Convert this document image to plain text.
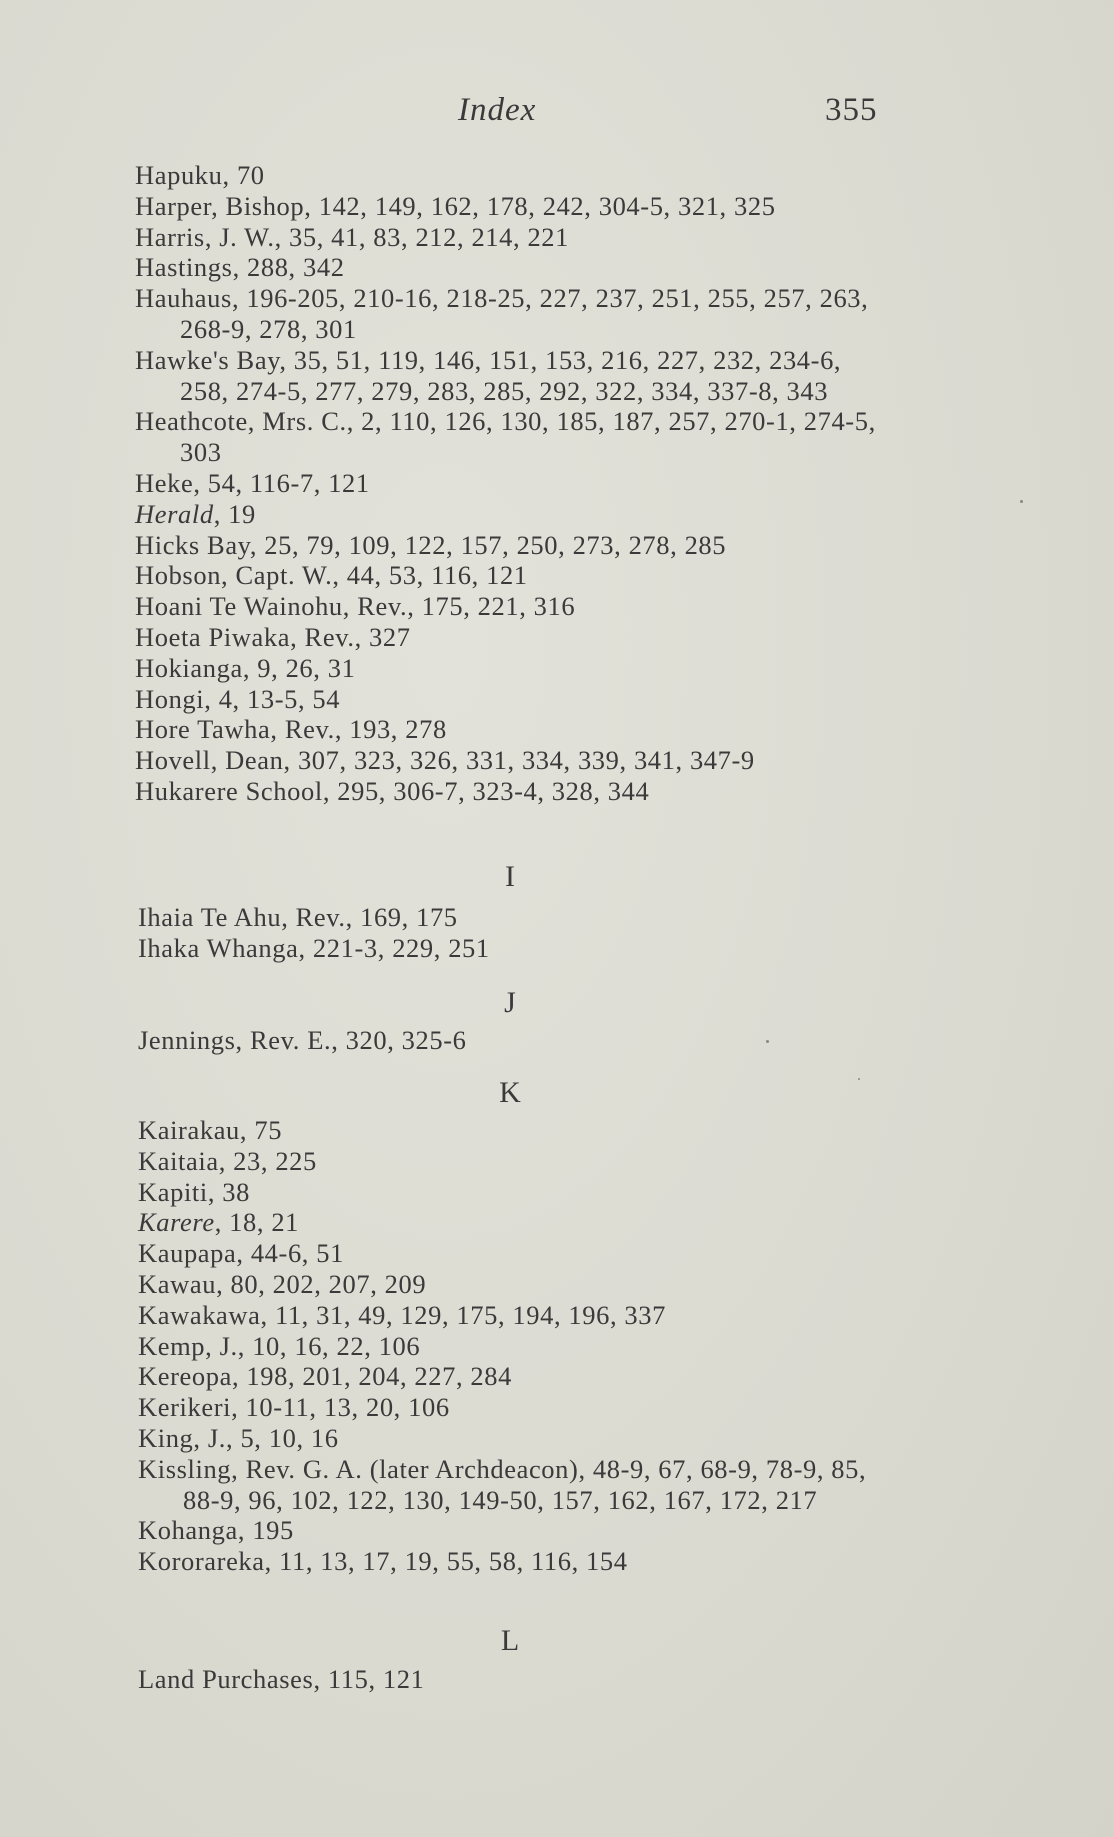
Index	355
Hapuku, 70
Harper, Bishop, 142, 149, 162, 178, 242, 304-5, 321, 325
Harris, J. W., 35, 41, 83, 212, 214, 221
Hastings, 288, 342
Hauhaus, 196-205, 210-16, 218-25, 227, 237, 251, 255, 257, 263, 268-9, 278, 301
Hawke's Bay, 35, 51, 119, 146, 151, 153, 216, 227, 232, 234-6, 258, 274-5, 277, 279, 283, 285, 292, 322, 334, 337-8, 343
Heathcote, Mrs. C., 2, 110, 126, 130, 185, 187, 257, 270-1, 274-5, 303
Heke, 54, 116-7, 121
Herald, 19
Hicks Bay, 25, 79, 109, 122, 157, 250, 273, 278, 285
Hobson, Capt. W., 44, 53, 116, 121
Hoani Te Wainohu, Rev., 175, 221, 316
Hoeta Piwaka, Rev., 327
Hokianga, 9, 26, 31
Hongi, 4, 13-5, 54
Hore Tawha, Rev., 193, 278
Hovell, Dean, 307, 323, 326, 331, 334, 339, 341, 347-9
Hukarere School, 295, 306-7, 323-4, 328, 344
I
Ihaia Te Ahu, Rev., 169, 175
Ihaka Whanga, 221-3, 229, 251
J
Jennings, Rev. E., 320, 325-6
K
Kairakau, 75
Kaitaia, 23, 225
Kapiti, 38
Karere, 18, 21
Kaupapa, 44-6, 51
Kawau, 80, 202, 207, 209
Kawakawa, 11, 31, 49, 129, 175, 194, 196, 337
Kemp, J., 10, 16, 22, 106
Kereopa, 198, 201, 204, 227, 284
Kerikeri, 10-11, 13, 20, 106
King, J., 5, 10, 16
Kissling, Rev. G. A. (later Archdeacon), 48-9, 67, 68-9, 78-9, 85, 88-9, 96, 102, 122, 130, 149-50, 157, 162, 167, 172, 217
Kohanga, 195
Kororareka, 11, 13, 17, 19, 55, 58, 116, 154
L
Land Purchases, 115, 121
